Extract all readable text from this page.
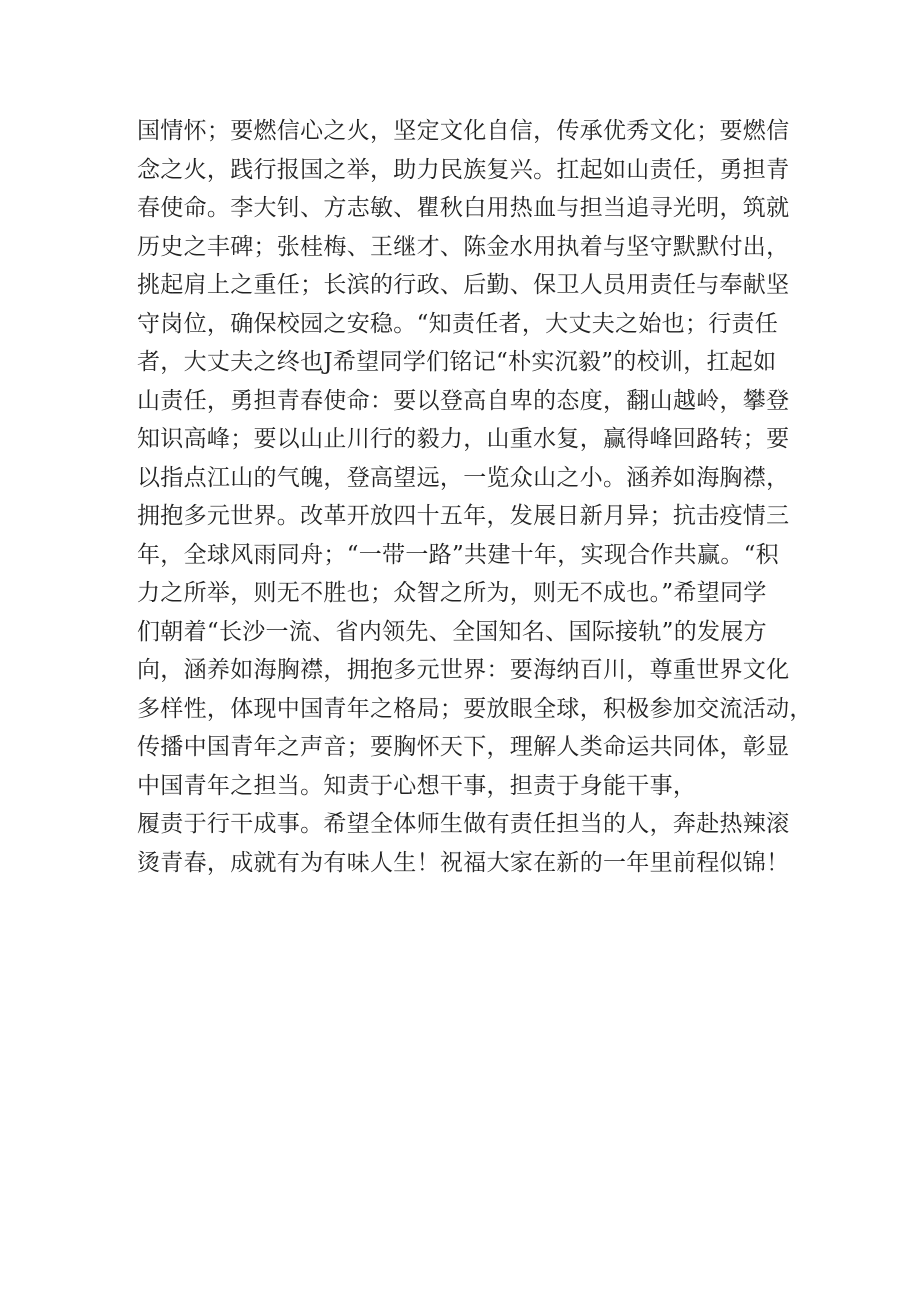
国情怀；要燃信心之火，坚定文化自信，传承优秀文化；要燃信
念之火，践行报国之举，助力民族复兴。扛起如山责任，勇担青
春使命。李大钊、方志敏、瞿秋白用热血与担当追寻光明，筑就
历史之丰碑；张桂梅、王继才、陈金水用执着与坚守默默付出，
挑起肩上之重任；长滨的行政、后勤、保卫人员用责任与奉献坚
守岗位，确保校园之安稳。“知责任者，大丈夫之始也；行责任
者，大丈夫之终也J希望同学们铭记“朴实沉毅”的校训，扛起如
山责任，勇担青春使命：要以登高自卑的态度，翻山越岭，攀登
知识高峰；要以山止川行的毅力，山重水复，赢得峰回路转；要
以指点江山的气魄，登高望远，一览众山之小。涵养如海胸襟，
拥抱多元世界。改革开放四十五年，发展日新月异；抗击疫情三
年，全球风雨同舟；“一带一路”共建十年，实现合作共赢。“积
力之所举，则无不胜也；众智之所为，则无不成也。”希望同学
们朝着“长沙一流、省内领先、全国知名、国际接轨”的发展方
向，涵养如海胸襟，拥抱多元世界：要海纳百川，尊重世界文化
多样性，体现中国青年之格局；要放眼全球，积极参加交流活动，
传播中国青年之声音；要胸怀天下，理解人类命运共同体，彰显
中国青年之担当。知责于心想干事，担责于身能干事，
履责于行干成事。希望全体师生做有责任担当的人，奔赴热辣滚
烫青春，成就有为有味人生！祝福大家在新的一年里前程似锦！
